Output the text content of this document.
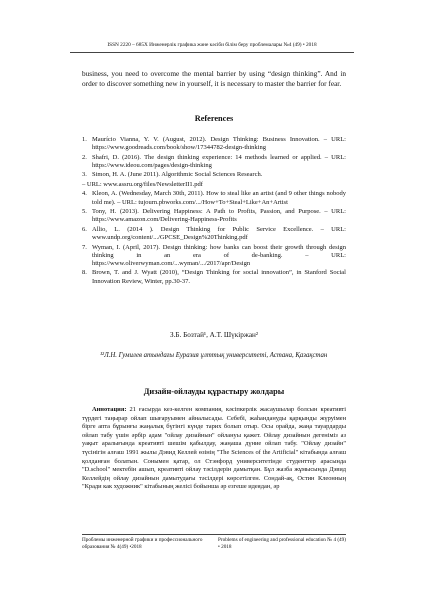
ISSN 2220 – 685X Инженерлік графика және кәсіби білім беру проблемалары №4 (49) • 2018

business, you need to overcome the mental barrier by using “design thinking”. And in order to discover something new in yourself, it is necessary to master the barrier for fear.

References
1. Maurício Vianna, Y. V. (August, 2012). Design Thinking: Business Innovation. – URL: https://www.goodreads.com/book/show/17344782-design-thinking
2. Shafri, D. (2016). The design thinking experience: 14 methods learned or applied. – URL: https://www.ideou.com/pages/design-thinking
3. Simon, H. A. (June 2011). Algorithmic Social Sciences Research.
– URL: www.assru.org/files/NewsletterII1.pdf
4. Kleon, A. (Wednesday, March 30th, 2011). How to steal like an artist (and 9 other things nobody told me). – URL: tujourn.pbworks.com/.../How+To+Steal+Like+An+Artist
5. Tony, H. (2013). Delivering Happiness: A Path to Profits, Passion, and Purpose. – URL: https://www.amazon.com/Delivering-Happiness-Profits
6. Allio, L. (2014 ). Design Thinking for Public Service Excellence. – URL: www.undp.org/content/.../GPCSE_Design%20Thinking.pdf
7. Wyman, I. (April, 2017). Design thinking: how banks can boost their growth through design thinking in an era of de-banking. – URL: https://www.oliverwyman.com/...wyman/.../2017/apr/Design
8. Brown, T. and J. Wyatt (2010), “Design Thinking for social innovation”, in Stanford Social Innovation Review, Winter, pp.30-37.
З.Б. Бозтай¹, А.Т. Шүкіржан²
¹²Л.Н. Гумилев атындағы Еуразия ұлттық университеті, Астана, Қазақстан
Дизайн-ойлауды құрастыру жолдары

Аннотация: 21 ғасырда кез-келген компания, кәсіпкерлік жасаушылар болсын креативті түрдегі таңырар ойлап шығаруымен айналысады. Себебі, жаһандануды қарқынды жүруімен бірге аптa бұрынғы жаңалық бүгінгі күнде тарих болып отыр. Осы орайда, жаңа тауардарды ойлап табу үшін әрбір адам "ойлау дизайнын" ойлануы қажет. Ойлау дизайнын дегеніміз аз уақыт аралығында креативті шешім қабылдау, жаңаша дүние ойлап табу. "Ойлау дизайн" түсінігін алғаш 1991 жылы Дэвид Келлей өзінің "The Sciences of the Artificial" кітабында алғаш қолданған болатын. Сонымен қатар, ол Стэнфорд университетінде студенттер арасында "D.school" мектебін ашып, креативті ойлау тәсілдерін дамытқан. Бұл жазба жұмысында Дэвид Келлейдің ойлау дизайнын дамытудағы тәсілдері көрсетілген. Сондай-ақ, Остин Клеонның "Кради как художник" кітабының желісі бойынша әр езгеше идеядан, әр

Проблемы инженерной графики и профессионального образования № 4(49) •2018
Problems of engineering and professional education № 4 (49) • 2018
